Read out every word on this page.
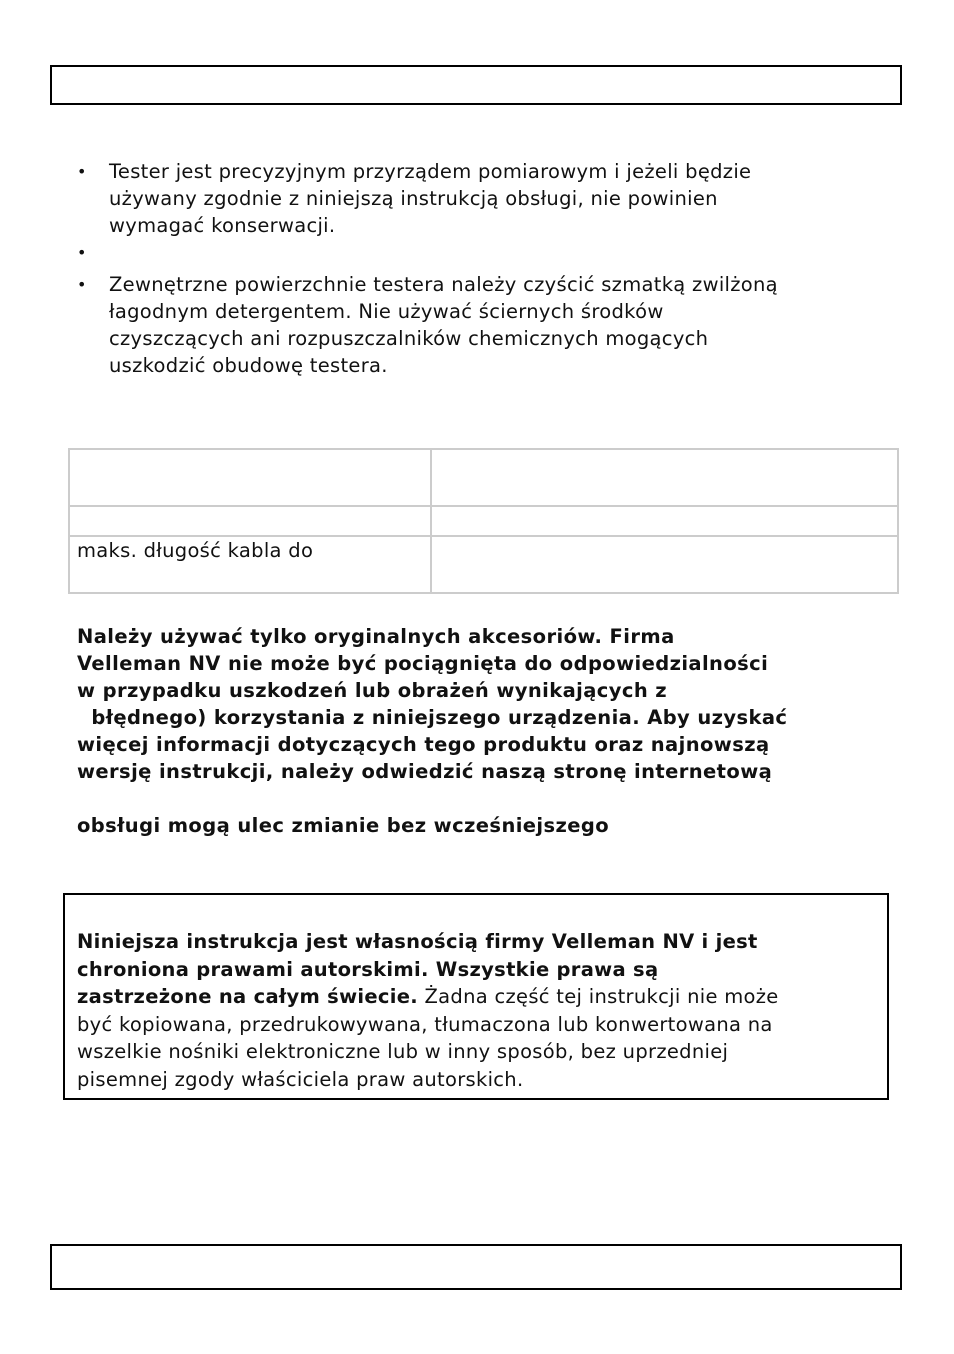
• Tester jest precyzyjnym przyrządem pomiarowym i jeżeli będzie
używany zgodnie z niniejszą instrukcją obsługi, nie powinien
wymagać konserwacji.
•
• Zewnętrzne powierzchnie testera należy czyścić szmatką zwilżoną
łagodnym detergentem. Nie używać ściernych środków
czyszczących ani rozpuszczalników chemicznych mogących
uszkodzić obudowę testera.

maks. długość kabla do	

Należy używać tylko oryginalnych akcesoriów. Firma

Velleman NV nie może być pociągnięta do odpowiedzialności

w przypadku uszkodzeń lub obrażeń wynikających z

błędnego) korzystania z niniejszego urządzenia. Aby uzyskać

więcej informacji dotyczących tego produktu oraz najnowszą

wersję instrukcji, należy odwiedzić naszą stronę internetową

obsługi mogą ulec zmianie bez wcześniejszego

Niniejsza instrukcja jest własnością firmy Velleman NV i jest

chroniona prawami autorskimi. Wszystkie prawa są

zastrzeżone na całym świecie. Żadna część tej instrukcji nie może

być kopiowana, przedrukowywana, tłumaczona lub konwertowana na

wszelkie nośniki elektroniczne lub w inny sposób, bez uprzedniej

pisemnej zgody właściciela praw autorskich.
